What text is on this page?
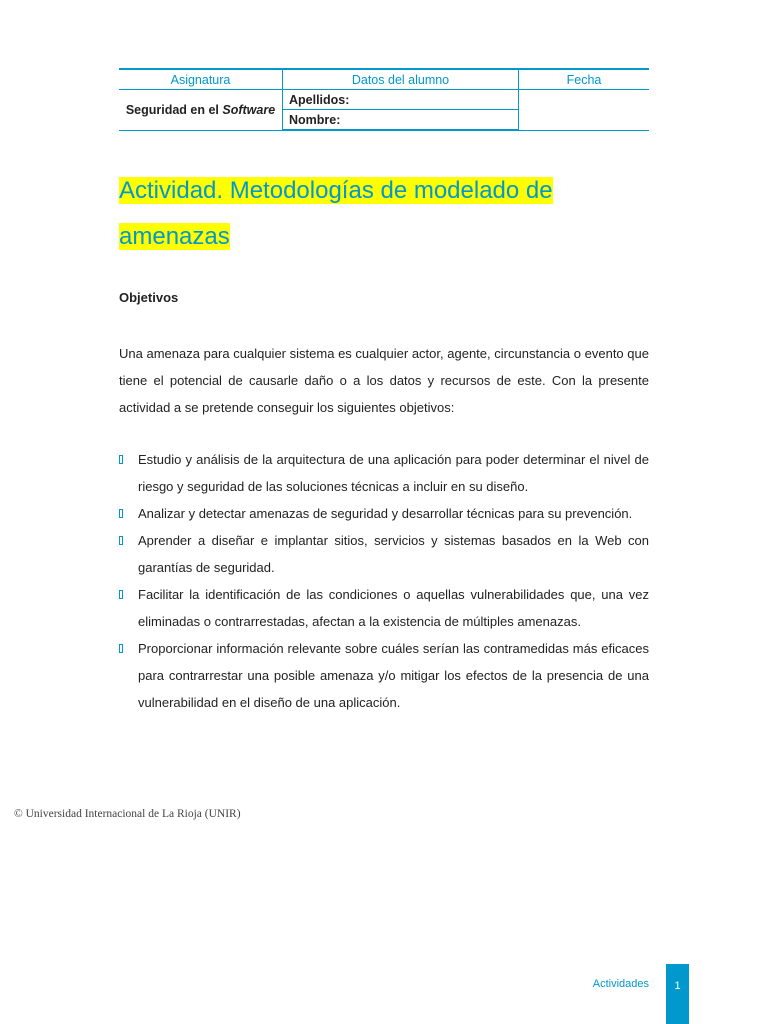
Asignatura	Datos del alumno	Fecha
Seguridad en el Software	Apellidos:	
	Nombre:	
Actividad. Metodologías de modelado de
amenazas
Objetivos

Una amenaza para cualquier sistema es cualquier actor, agente, circunstancia o evento que tiene el potencial de causarle daño o a los datos y recursos de este. Con la presente actividad a se pretende conseguir los siguientes objetivos:

Estudio y análisis de la arquitectura de una aplicación para poder determinar el nivel de riesgo y seguridad de las soluciones técnicas a incluir en su diseño.
Analizar y detectar amenazas de seguridad y desarrollar técnicas para su prevención.
Aprender a diseñar e implantar sitios, servicios y sistemas basados en la Web con garantías de seguridad.
Facilitar la identificación de las condiciones o aquellas vulnerabilidades que, una vez eliminadas o contrarrestadas, afectan a la existencia de múltiples amenazas.
Proporcionar información relevante sobre cuáles serían las contramedidas más eficaces para contrarrestar una posible amenaza y/o mitigar los efectos de la presencia de una vulnerabilidad en el diseño de una aplicación.
© Universidad Internacional de La Rioja (UNIR)
Actividades	1
